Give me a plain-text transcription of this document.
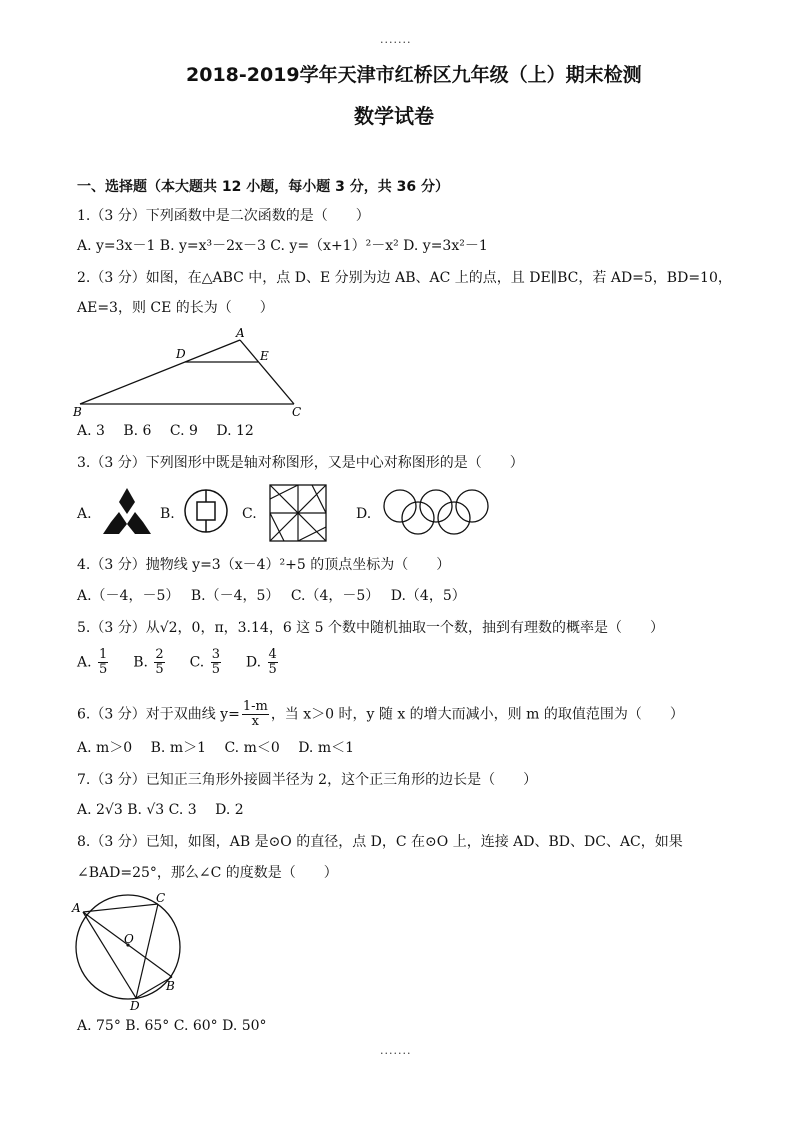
.......
2018-2019学年天津市红桥区九年级（上）期末检测
数学试卷
一、选择题（本大题共 12 小题，每小题 3 分，共 36 分）
1.（3 分）下列函数中是二次函数的是（　　）
A. y=3x－1 B. y=x³－2x－3 C. y=（x+1）²－x² D. y=3x²－1
2.（3 分）如图，在△ABC 中，点 D、E 分别为边 AB、AC 上的点，且 DE∥BC，若 AD=5，BD=10，
AE=3，则 CE 的长为（　　）
A
D	E
B	C
A. 3　 B. 6　 C. 9　 D. 12
3.（3 分）下列图形中既是轴对称图形，又是中心对称图形的是（　　）
A.	B.	C.	D.
4.（3 分）抛物线 y=3（x－4）²+5 的顶点坐标为（　　）
A.（－4，－5）　 B.（－4，5）　 C.（4，－5）　 D.（4，5）
5.（3 分）从√2，0，π，3.14，6 这 5 个数中随机抽取一个数，抽到有理数的概率是（　　）
A. $\frac{1}{5} B$. $\frac{2}{5} C$. $\frac{3}{5} D$. $\frac{4}{5}$
6.（3 分）对于双曲线 $y= \frac{1-m}{x}$ ，当 x＞0 时，y 随 x 的增大而减小，则 m 的取值范围为（　　）
A. m＞0　 B. m＞1　 C. m＜0　 D. m＜1
7.（3 分）已知正三角形外接圆半径为 2，这个正三角形的边长是（　　）
A. 2√3 B. √3 C. 3　 D. 2
8.（3 分）已知，如图，AB 是⊙O 的直径，点 D，C 在⊙O 上，连接 AD、BD、DC、AC，如果
∠BAD=25°，那么∠C 的度数是（　　）
A
C
O
B
D
A. 75° B. 65° C. 60° D. 50°
.......
